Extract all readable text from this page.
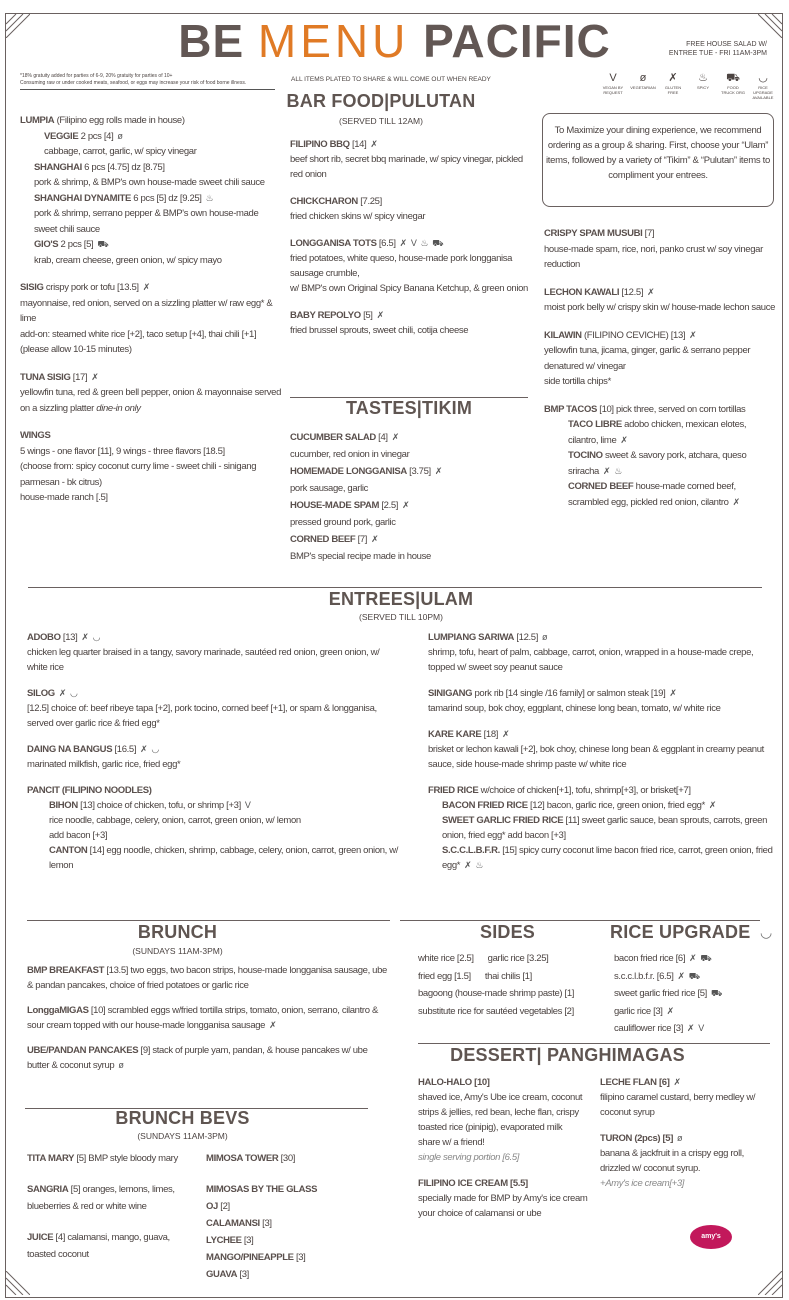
BE MENU PACIFIC	FREE HOUSE SALAD W/
ENTREE TUE - FRI 11AM-3PM
*18% gratuity added for parties of 6-9, 20% gratuity for parties of 10+
Consuming raw or under cooked meats, seafood, or eggs may increase your risk of food borne illness.	ALL ITEMS PLATED TO SHARE & WILL COME OUT WHEN READY	V
VEGAN BY REQUEST
ø
VEGETARIAN
✗
GLUTEN FREE
♨
SPICY
⛟
FOOD TRUCK ORG
◡
RICE UPGRADE AVAILABLE
BAR FOOD|PULUTAN
(SERVED TILL 12AM)
LUMPIA (Filipino egg rolls made in house)
VEGGIE 2 pcs [4] ø
cabbage, carrot, garlic, w/ spicy vinegar
SHANGHAI 6 pcs [4.75] dz [8.75]
pork & shrimp, & BMP's own house-made sweet chili sauce
SHANGHAI DYNAMITE 6 pcs [5] dz [9.25] ♨
pork & shrimp, serrano pepper & BMP's own house-made sweet chili sauce
GIO'S 2 pcs [5] ⛟
krab, cream cheese, green onion, w/ spicy mayo
SISIG crispy pork or tofu [13.5] ✗
mayonnaise, red onion, served on a sizzling platter w/ raw egg* & lime
add-on: steamed white rice [+2], taco setup [+4], thai chili [+1]
(please allow 10-15 minutes)
TUNA SISIG [17] ✗
yellowfin tuna, red & green bell pepper, onion & mayonnaise served on a sizzling platter dine-in only
WINGS
5 wings - one flavor [11], 9 wings - three flavors [18.5]
(choose from: spicy coconut curry lime - sweet chili - sinigang parmesan - bk citrus)
house-made ranch [.5]
FILIPINO BBQ [14] ✗
beef short rib, secret bbq marinade, w/ spicy vinegar, pickled red onion
CHICKCHARON [7.25]
fried chicken skins w/ spicy vinegar
LONGGANISA TOTS [6.5] ✗ V ♨ ⛟
fried potatoes, white queso, house-made pork longganisa sausage crumble,
w/ BMP's own Original Spicy Banana Ketchup, & green onion
BABY REPOLYO [5] ✗
fried brussel sprouts, sweet chili, cotija cheese
To Maximize your dining experience, we recommend ordering as a group & sharing. First, choose your “Ulam” items, followed by a variety of “Tikim” & “Pulutan” items to compliment your entrees.
CRISPY SPAM MUSUBI [7]
house-made spam, rice, nori, panko crust w/ soy vinegar reduction
LECHON KAWALI [12.5] ✗
moist pork belly w/ crispy skin w/ house-made lechon sauce
KILAWIN (FILIPINO CEVICHE) [13] ✗
yellowfin tuna, jicama, ginger, garlic & serrano pepper denatured w/ vinegar
side tortilla chips*
BMP TACOS [10] pick three, served on corn tortillas
TACO LIBRE adobo chicken, mexican elotes, cilantro, lime ✗
TOCINO sweet & savory pork, atchara, queso sriracha ✗ ♨
CORNED BEEF house-made corned beef, scrambled egg, pickled red onion, cilantro ✗
TASTES|TIKIM
CUCUMBER SALAD [4] ✗
cucumber, red onion in vinegar
HOMEMADE LONGGANISA [3.75] ✗
pork sausage, garlic
HOUSE-MADE SPAM [2.5] ✗
pressed ground pork, garlic
CORNED BEEF [7] ✗
BMP's special recipe made in house
ENTREES|ULAM
(SERVED TILL 10PM)
ADOBO [13] ✗ ◡
chicken leg quarter braised in a tangy, savory marinade, sautéed red onion, green onion, w/ white rice
SILOG ✗ ◡
[12.5] choice of: beef ribeye tapa [+2], pork tocino, corned beef [+1], or spam & longganisa, served over garlic rice & fried egg*
DAING NA BANGUS [16.5] ✗ ◡
marinated milkfish, garlic rice, fried egg*
PANCIT (FILIPINO NOODLES)
BIHON [13] choice of chicken, tofu, or shrimp [+3] V
rice noodle, cabbage, celery, onion, carrot, green onion, w/ lemon
add bacon [+3]
CANTON [14] egg noodle, chicken, shrimp, cabbage, celery, onion, carrot, green onion, w/ lemon
LUMPIANG SARIWA [12.5] ø
shrimp, tofu, heart of palm, cabbage, carrot, onion, wrapped in a house-made crepe, topped w/ sweet soy peanut sauce
SINIGANG pork rib [14 single /16 family] or salmon steak [19] ✗
tamarind soup, bok choy, eggplant, chinese long bean, tomato, w/ white rice
KARE KARE [18] ✗
brisket or lechon kawali [+2], bok choy, chinese long bean & eggplant in creamy peanut sauce, side house-made shrimp paste w/ white rice
FRIED RICE w/choice of chicken[+1], tofu, shrimp[+3], or brisket[+7]
BACON FRIED RICE [12] bacon, garlic rice, green onion, fried egg* ✗
SWEET GARLIC FRIED RICE [11] sweet garlic sauce, bean sprouts, carrots, green onion, fried egg* add bacon [+3]
S.C.C.L.B.F.R. [15] spicy curry coconut lime bacon fried rice, carrot, green onion, fried egg* ✗ ♨
BRUNCH
(SUNDAYS 11AM-3PM)
BMP BREAKFAST [13.5] two eggs, two bacon strips, house-made longganisa sausage, ube & pandan pancakes, choice of fried potatoes or garlic rice
LonggaMIGAS [10] scrambled eggs w/fried tortilla strips, tomato, onion, serrano, cilantro & sour cream topped with our house-made longganisa sausage ✗
UBE/PANDAN PANCAKES [9] stack of purple yam, pandan, & house pancakes w/ ube butter & coconut syrup ø
BRUNCH BEVS
(SUNDAYS 11AM-3PM)
TITA MARY [5] BMP style bloody mary
SANGRIA [5] oranges, lemons, limes, blueberries & red or white wine
JUICE [4] calamansi, mango, guava, toasted coconut
MIMOSA TOWER [30]
MIMOSAS BY THE GLASS
OJ [2]
CALAMANSI [3]
LYCHEE [3]
MANGO/PINEAPPLE [3]
GUAVA [3]
SIDES
white rice [2.5] garlic rice [3.25]
fried egg [1.5] thai chilis [1]
bagoong (house-made shrimp paste) [1]
substitute rice for sautéed vegetables [2]
RICE UPGRADE ◡
bacon fried rice [6] ✗ ⛟
s.c.c.l.b.f.r. [6.5] ✗ ⛟
sweet garlic fried rice [5] ⛟
garlic rice [3] ✗
cauliflower rice [3] ✗ V
DESSERT| PANGHIMAGAS
HALO-HALO [10]
shaved ice, Amy's Ube ice cream, coconut strips & jellies, red bean, leche flan, crispy toasted rice (pinipig), evaporated milk
share w/ a friend!
single serving portion [6.5]
FILIPINO ICE CREAM [5.5]
specially made for BMP by Amy's ice cream
your choice of calamansi or ube
LECHE FLAN [6] ✗
filipino caramel custard, berry medley w/ coconut syrup
TURON (2pcs) [5] ø
banana & jackfruit in a crispy egg roll, drizzled w/ coconut syrup.
+Amy's ice cream[+3]
amy's
